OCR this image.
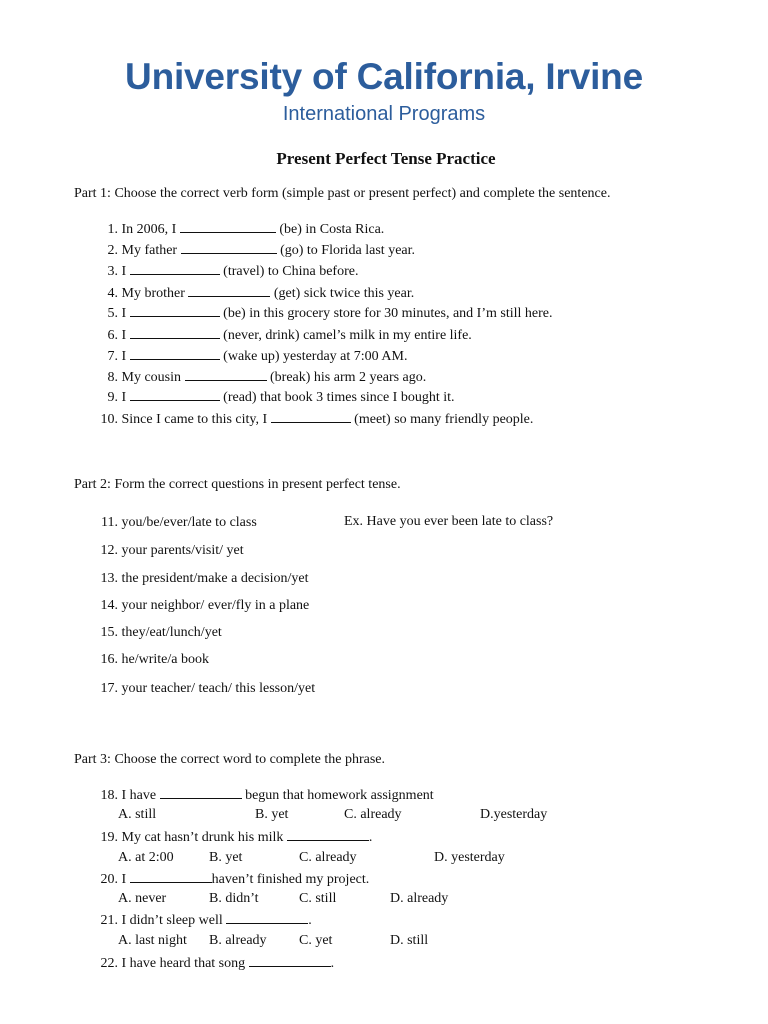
University of California, Irvine
International Programs
Present Perfect Tense Practice
Part 1: Choose the correct verb form (simple past or present perfect) and complete the sentence.
1. In 2006, I	(be) in Costa Rica.
2. My father	(go) to Florida last year.
3. I	(travel) to China before.
4. My brother	(get) sick twice this year.
5. I	(be) in this grocery store for 30 minutes, and I’m still here.
6. I	(never, drink) camel’s milk in my entire life.
7. I	(wake up) yesterday at 7:00 AM.
8. My cousin	(break) his arm 2 years ago.
9. I	(read) that book 3 times since I bought it.
10. Since I came to this city, I	(meet) so many friendly people.
Part 2: Form the correct questions in present perfect tense.
11. you/be/ever/late to class	Ex. Have you ever been late to class?
12. your parents/visit/ yet
13. the president/make a decision/yet
14. your neighbor/ ever/fly in a plane
15. they/eat/lunch/yet
16. he/write/a book
17. your teacher/ teach/ this lesson/yet
Part 3: Choose the correct word to complete the phrase.
18. I have	begun that homework assignment
A. still	B. yet	C. already	D.yesterday
19. My cat hasn’t drunk his milk	.
A. at 2:00	B. yet	C. already	D. yesterday
20. I	haven’t finished my project.
A. never	B. didn’t	C. still	D. already
21. I didn’t sleep well	.
A. last night B. already C. yet	D. still
22. I have heard that song	.
